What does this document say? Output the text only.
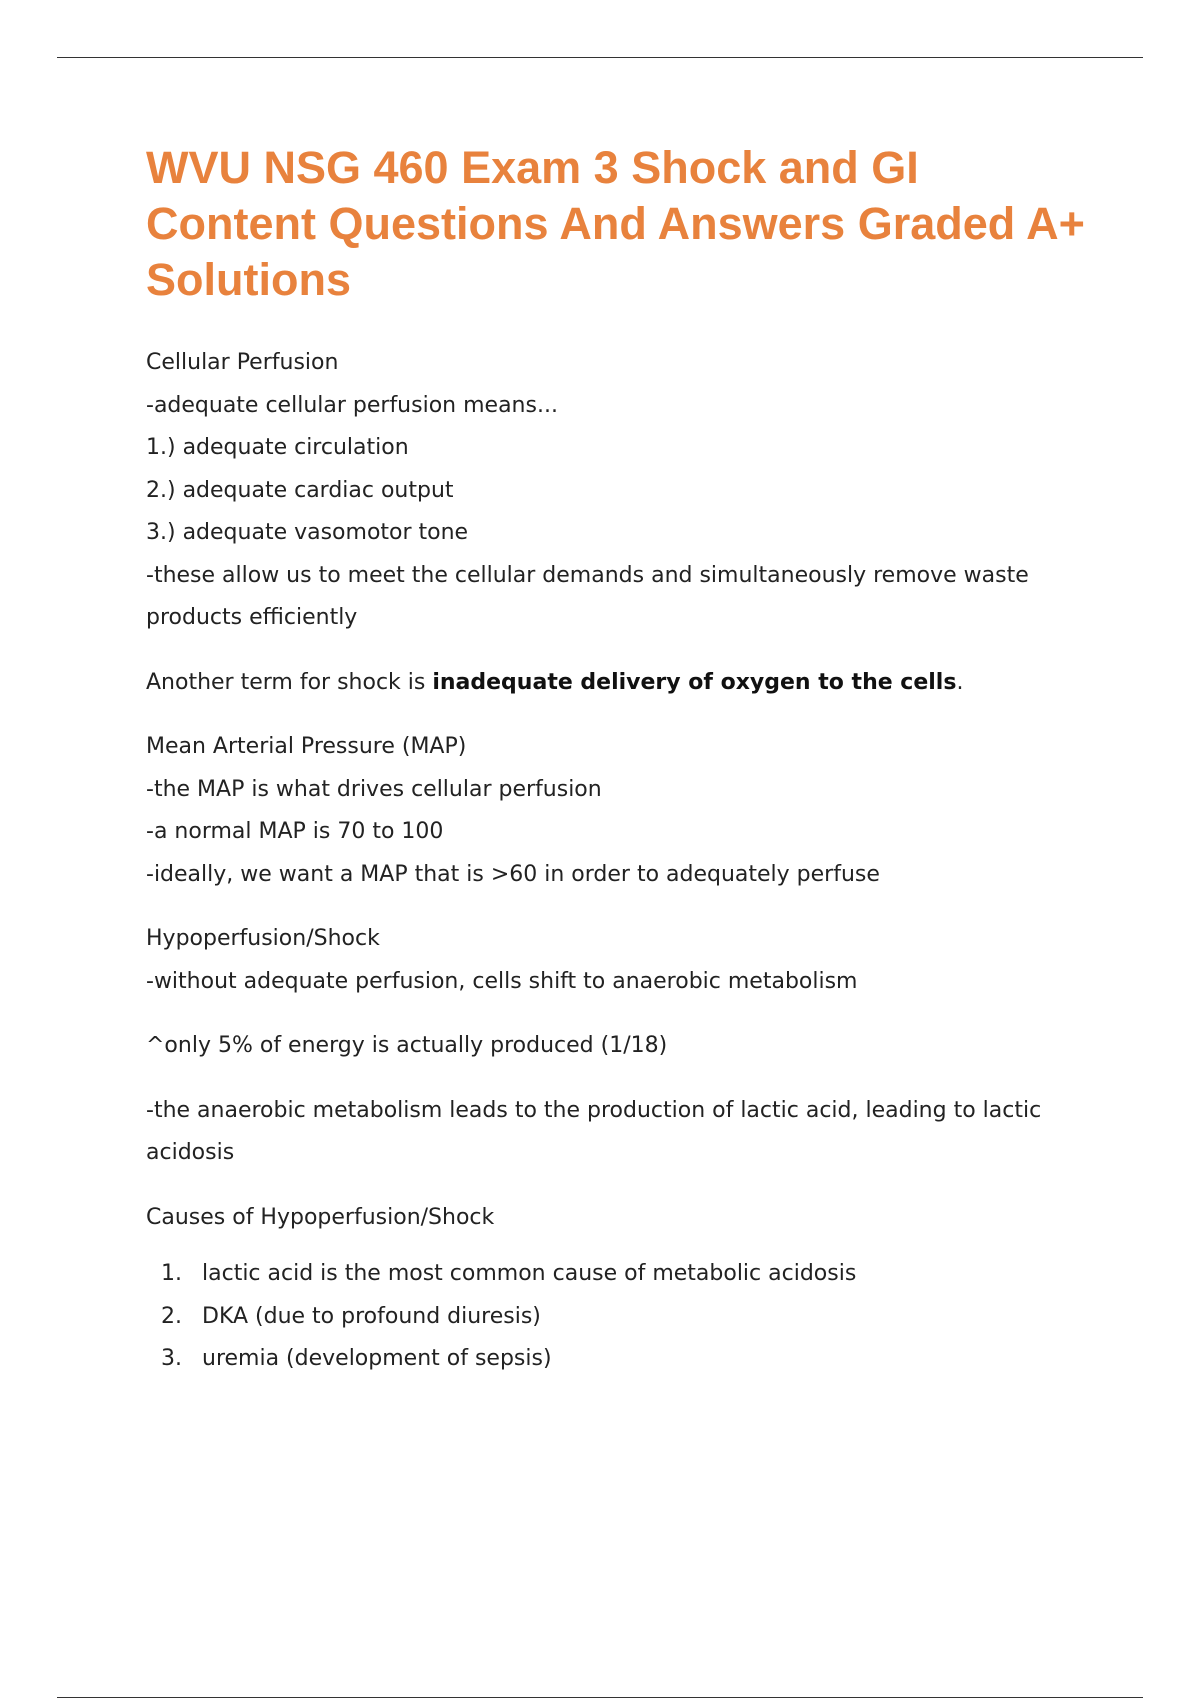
WVU NSG 460 Exam 3 Shock and GI Content Questions And Answers Graded A+ Solutions

Cellular Perfusion

-adequate cellular perfusion means...

1.) adequate circulation

2.) adequate cardiac output

3.) adequate vasomotor tone

-these allow us to meet the cellular demands and simultaneously remove waste

products efficiently

Another term for shock is inadequate delivery of oxygen to the cells.

Mean Arterial Pressure (MAP)

-the MAP is what drives cellular perfusion

-a normal MAP is 70 to 100

-ideally, we want a MAP that is >60 in order to adequately perfuse

Hypoperfusion/Shock

-without adequate perfusion, cells shift to anaerobic metabolism

^only 5% of energy is actually produced (1/18)

-the anaerobic metabolism leads to the production of lactic acid, leading to lactic

acidosis

Causes of Hypoperfusion/Shock

1. lactic acid is the most common cause of metabolic acidosis
2. DKA (due to profound diuresis)
3. uremia (development of sepsis)
